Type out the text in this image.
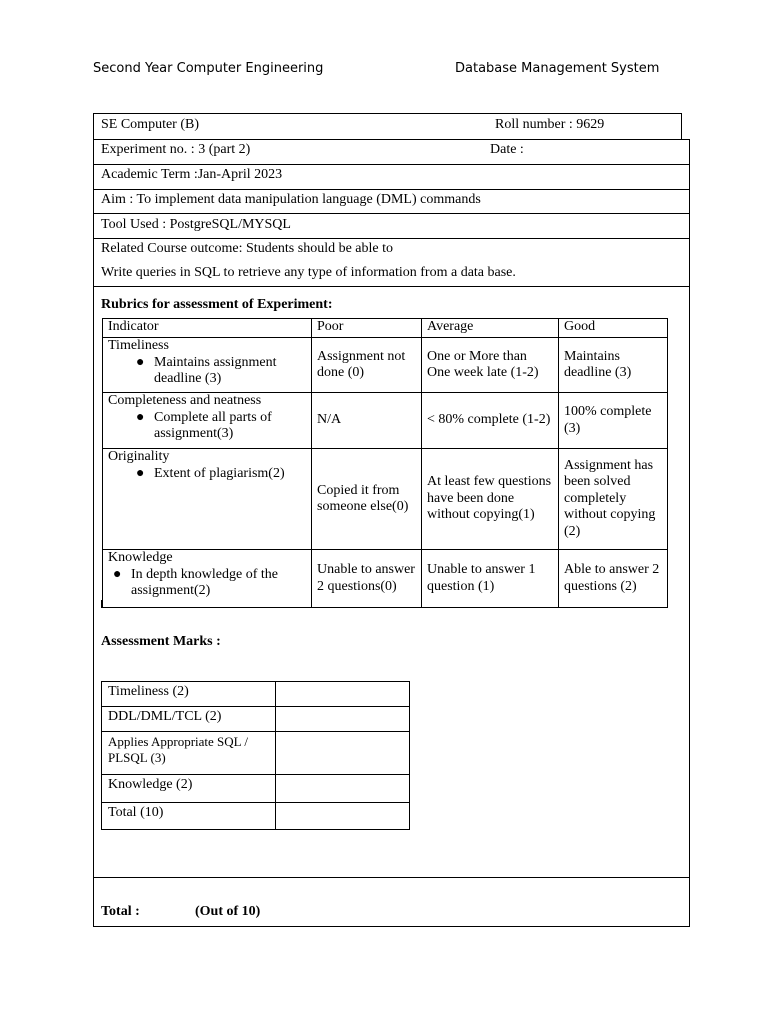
Second Year Computer Engineering	Database Management System
SE Computer (B)	Roll number : 9629
Experiment no. : 3 (part 2)	Date :
Academic Term :Jan-April 2023
Aim : To implement data manipulation language (DML) commands
Tool Used : PostgreSQL/MYSQL
Related Course outcome: Students should be able to
Write queries in SQL to retrieve any type of information from a data base.
Rubrics for assessment of Experiment:
Indicator	Poor	Average	Good
Timeliness
● Maintains assignment deadline (3)	Assignment not done (0)	One or More than One week late (1-2)	Maintains deadline (3)
Completeness and neatness
● Complete all parts of assignment(3)	N/A	< 80% complete (1-2)	100% complete (3)
Originality
● Extent of plagiarism(2)	Copied it from someone else(0)	At least few questions have been done without copying(1)	Assignment has been solved completely without copying (2)
Knowledge
● In depth knowledge of the assignment(2)	Unable to answer 2 questions(0)	Unable to answer 1 question (1)	Able to answer 2 questions (2)
Assessment Marks :
Timeliness (2)	
DDL/DML/TCL (2)	
Applies Appropriate SQL / PLSQL (3)	
Knowledge (2)	
Total (10)	
Total :	(Out of 10)
